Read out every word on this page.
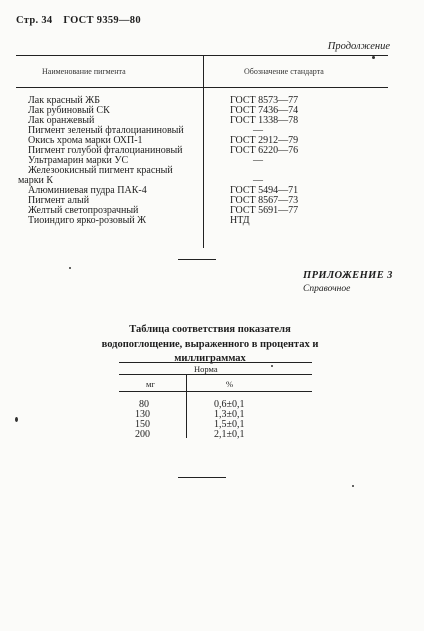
Стр. 34 ГОСТ 9359—80
Продолжение
Наименование пигмента	Обозначение стандарта
Лак красный ЖБ	ГОСТ 8573—77
Лак рубиновый СК	ГОСТ 7436—74
Лак оранжевый	ГОСТ 1338—78
Пигмент зеленый фталоцианиновый	—
Окись хрома марки ОХП-1	ГОСТ 2912—79
Пигмент голубой фталоцианиновый	ГОСТ 6220—76
Ультрамарин марки УС	—
Железоокисный пигмент красный
марки К	—
Алюминиевая пудра ПАК-4	ГОСТ 5494—71
Пигмент алый	ГОСТ 8567—73
Желтый светопрозрачный	ГОСТ 5691—77
Тиоиндиго ярко-розовый Ж	НТД
ПРИЛОЖЕНИЕ 3
Справочное
Таблица соответствия показателя водопоглощение, выраженного в процентах и миллиграммах
Норма
мг	%
80	0,6±0,1
130	1,3±0,1
150	1,5±0,1
200	2,1±0,1
